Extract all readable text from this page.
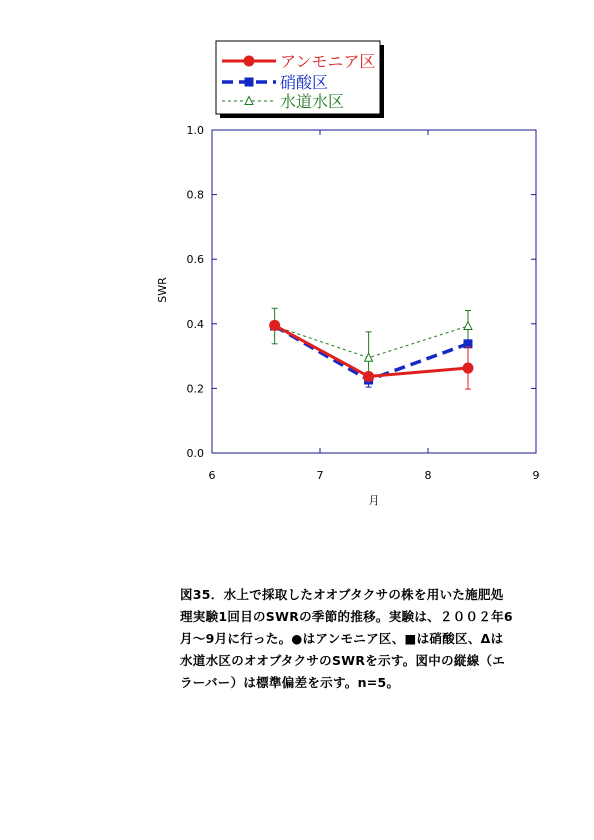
0.0
0.2
0.4
0.6
0.8
1.0
6	7	8	9
月
SWR
アンモニア区
硝酸区
水道水区
図35．水上で採取したオオブタクサの株を用いた施肥処
理実験1回目のSWRの季節的推移。実験は、２００２年6
月～9月に行った。●はアンモニア区、■は硝酸区、Δは
水道水区のオオブタクサのSWRを示す。図中の縦線（エ
ラーバー）は標準偏差を示す。n=5。
